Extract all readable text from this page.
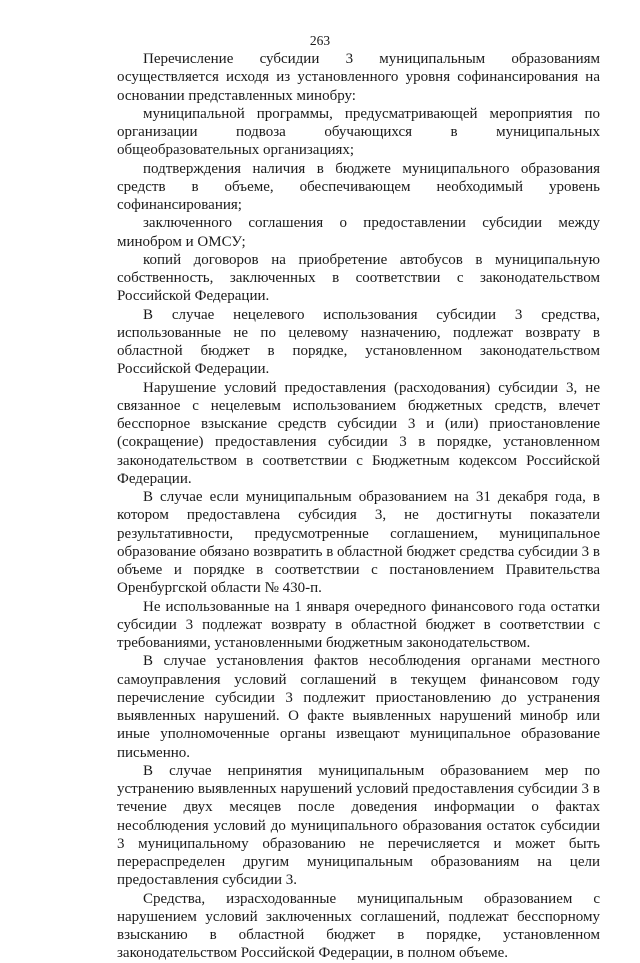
263

Перечисление субсидии 3 муниципальным образованиям осуществляется исходя из установленного уровня софинансирования на основании представленных минобру:

муниципальной программы, предусматривающей мероприятия по организации подвоза обучающихся в муниципальных общеобразовательных организациях;

подтверждения наличия в бюджете муниципального образования средств в объеме, обеспечивающем необходимый уровень софинансирования;

заключенного соглашения о предоставлении субсидии между минобром и ОМСУ;

копий договоров на приобретение автобусов в муниципальную собственность, заключенных в соответствии с законодательством Российской Федерации.

В случае нецелевого использования субсидии 3 средства, использованные не по целевому назначению, подлежат возврату в областной бюджет в порядке, установленном законодательством Российской Федерации.

Нарушение условий предоставления (расходования) субсидии 3, не связанное с нецелевым использованием бюджетных средств, влечет бесспорное взыскание средств субсидии 3 и (или) приостановление (сокращение) предоставления субсидии 3 в порядке, установленном законодательством в соответствии с Бюджетным кодексом Российской Федерации.

В случае если муниципальным образованием на 31 декабря года, в котором предоставлена субсидия 3, не достигнуты показатели результативности, предусмотренные соглашением, муниципальное образование обязано возвратить в областной бюджет средства субсидии 3 в объеме и порядке в соответствии с постановлением Правительства Оренбургской области № 430-п.

Не использованные на 1 января очередного финансового года остатки субсидии 3 подлежат возврату в областной бюджет в соответствии с требованиями, установленными бюджетным законодательством.

В случае установления фактов несоблюдения органами местного самоуправления условий соглашений в текущем финансовом году перечисление субсидии 3 подлежит приостановлению до устранения выявленных нарушений. О факте выявленных нарушений минобр или иные уполномоченные органы извещают муниципальное образование письменно.

В случае непринятия муниципальным образованием мер по устранению выявленных нарушений условий предоставления субсидии 3 в течение двух месяцев после доведения информации о фактах несоблюдения условий до муниципального образования остаток субсидии 3 муниципальному образованию не перечисляется и может быть перераспределен другим муниципальным образованиям на цели предоставления субсидии 3.

Средства, израсходованные муниципальным образованием с нарушением условий заключенных соглашений, подлежат бесспорному взысканию в областной бюджет в порядке, установленном законодательством Российской Федерации, в полном объеме.
